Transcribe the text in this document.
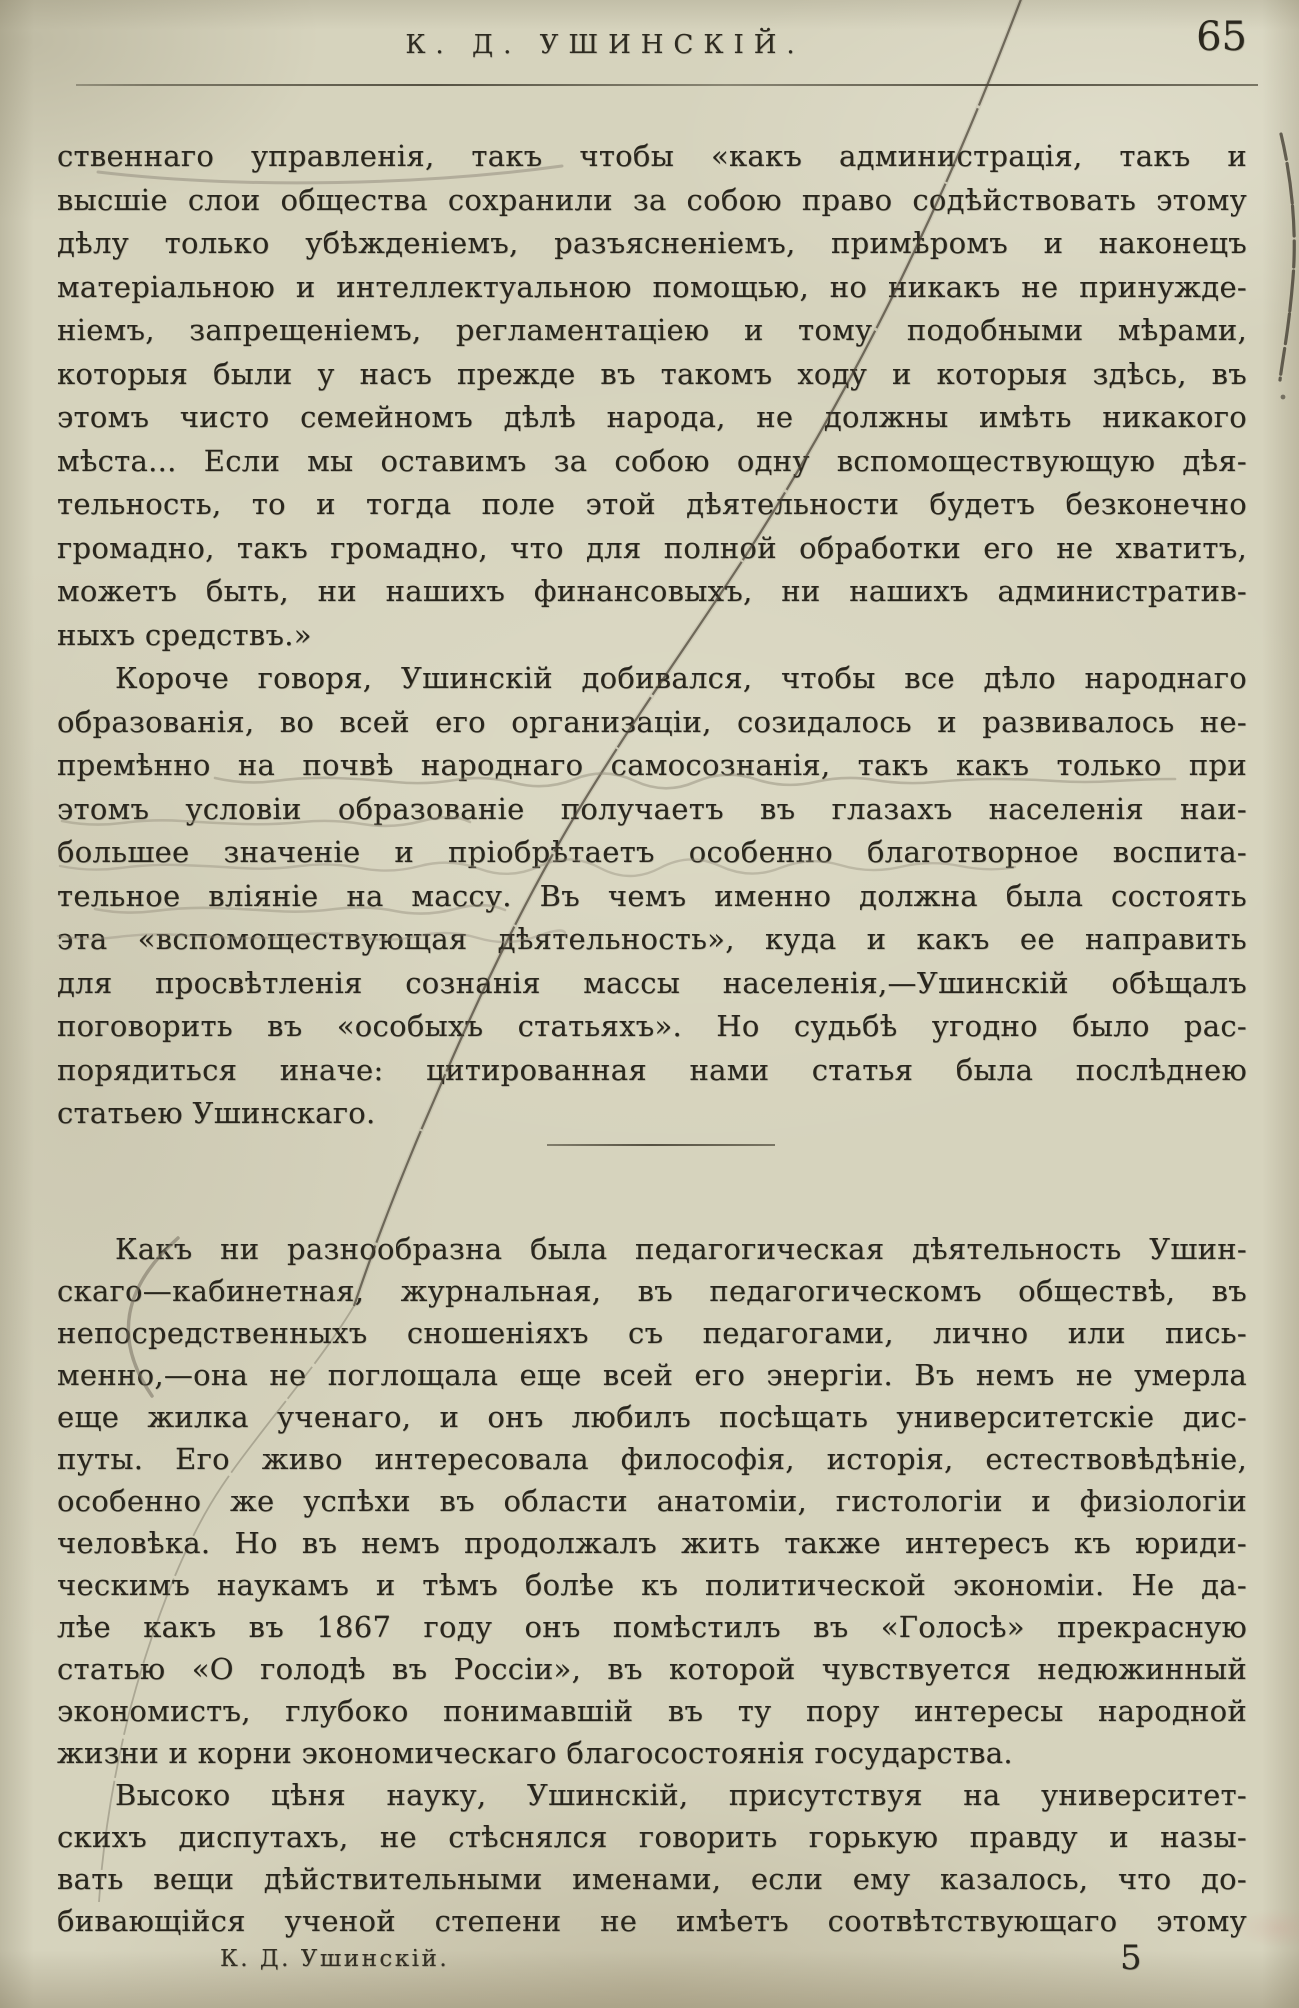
К. Д. УШИНСКІЙ.	65
ственнаго управленія, такъ чтобы «какъ администрація, такъ и
высшіе слои общества сохранили за собою право содѣйствовать этому
дѣлу только убѣжденіемъ, разъясненіемъ, примѣромъ и наконецъ
матеріальною и интеллектуальною помощью, но никакъ не принужде-
ніемъ, запрещеніемъ, регламентаціею и тому подобными мѣрами,
которыя были у насъ прежде въ такомъ ходу и которыя здѣсь, въ
этомъ чисто семейномъ дѣлѣ народа, не должны имѣть никакого
мѣста... Если мы оставимъ за собою одну вспомоществующую дѣя-
тельность, то и тогда поле этой дѣятельности будетъ безконечно
громадно, такъ громадно, что для полной обработки его не хватитъ,
можетъ быть, ни нашихъ финансовыхъ, ни нашихъ административ-
ныхъ средствъ.»
Короче говоря, Ушинскій добивался, чтобы все дѣло народнаго
образованія, во всей его организаціи, созидалось и развивалось не-
премѣнно на почвѣ народнаго самосознанія, такъ какъ только при
этомъ условіи образованіе получаетъ въ глазахъ населенія наи-
большее значеніе и пріобрѣтаетъ особенно благотворное воспита-
тельное вліяніе на массу. Въ чемъ именно должна была состоять
эта «вспомоществующая дѣятельность», куда и какъ ее направить
для просвѣтленія сознанія массы населенія,—Ушинскій обѣщалъ
поговорить въ «особыхъ статьяхъ». Но судьбѣ угодно было рас-
порядиться иначе: цитированная нами статья была послѣднею
статьею Ушинскаго.
Какъ ни разнообразна была педагогическая дѣятельность Ушин-
скаго—кабинетная, журнальная, въ педагогическомъ обществѣ, въ
непосредственныхъ сношеніяхъ съ педагогами, лично или пись-
менно,—она не поглощала еще всей его энергіи. Въ немъ не умерла
еще жилка ученаго, и онъ любилъ посѣщать университетскіе дис-
путы. Его живо интересовала философія, исторія, естествовѣдѣніе,
особенно же успѣхи въ области анатоміи, гистологіи и физіологіи
человѣка. Но въ немъ продолжалъ жить также интересъ къ юриди-
ческимъ наукамъ и тѣмъ болѣе къ политической экономіи. Не да-
лѣе какъ въ 1867 году онъ помѣстилъ въ «Голосѣ» прекрасную
статью «О голодѣ въ Россіи», въ которой чувствуется недюжинный
экономистъ, глубоко понимавшій въ ту пору интересы народной
жизни и корни экономическаго благосостоянія государства.
Высоко цѣня науку, Ушинскій, присутствуя на университет-
скихъ диспутахъ, не стѣснялся говорить горькую правду и назы-
вать вещи дѣйствительными именами, если ему казалось, что до-
бивающійся ученой степени не имѣетъ соотвѣтствующаго этому
К. Д. Ушинскій.	5
